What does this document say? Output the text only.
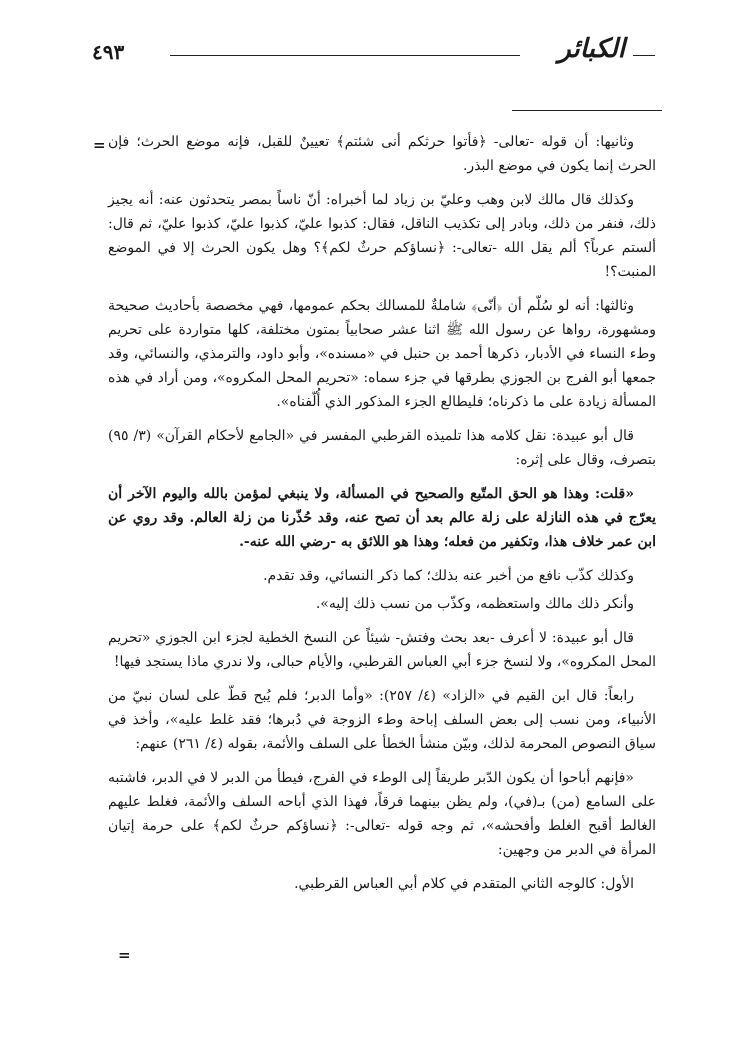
٤٩٣	الكبائر
= وثانيها: أن قوله -تعالى- ﴿فأتوا حرثكم أنى شئتم﴾ تعيينٌ للقبل، فإنه موضع الحرث؛ فإن الحرث إنما يكون في موضع البذر.

وكذلك قال مالك لابن وهب وعليّ بن زياد لما أخبراه: أنّ ناساً بمصر يتحدثون عنه: أنه يجيز ذلك، فنفر من ذلك، وبادر إلى تكذيب الناقل، فقال: كذبوا عليّ، كذبوا عليّ، كذبوا عليّ، ثم قال: ألستم عرباً؟ ألم يقل الله -تعالى-: ﴿نساؤكم حرثٌ لكم﴾؟ وهل يكون الحرث إلا في الموضع المنبت؟!

وثالثها: أنه لو سُلّم أن ﴿أنّى﴾ شاملةٌ للمسالك بحكم عمومها، فهي مخصصة بأحاديث صحيحة ومشهورة، رواها عن رسول الله ﷺ اثنا عشر صحابياً بمتون مختلفة، كلها متواردة على تحريم وطء النساء في الأدبار، ذكرها أحمد بن حنبل في «مسنده»، وأبو داود، والترمذي، والنسائي، وقد جمعها أبو الفرج بن الجوزي بطرقها في جزء سماه: «تحريم المحل المكروه»، ومن أراد في هذه المسألة زيادة على ما ذكرناه؛ فليطالع الجزء المذكور الذي أُلّفناه».

قال أبو عبيدة: نقل كلامه هذا تلميذه القرطبي المفسر في «الجامع لأحكام القرآن» (٣/ ٩٥) بتصرف، وقال على إثره:

«قلت: وهذا هو الحق المتّبع والصحيح في المسألة، ولا ينبغي لمؤمن بالله واليوم الآخر أن يعرّج في هذه النازلة على زلة عالم بعد أن تصح عنه، وقد حُذّرنا من زلة العالم. وقد روي عن ابن عمر خلاف هذا، وتكفير من فعله؛ وهذا هو اللائق به -رضي الله عنه-.

وكذلك كذّب نافع من أخبر عنه بذلك؛ كما ذكر النسائي، وقد تقدم.

وأنكر ذلك مالك واستعظمه، وكذّب من نسب ذلك إليه».

قال أبو عبيدة: لا أعرف -بعد بحث وفتش- شيئاً عن النسخ الخطية لجزء ابن الجوزي «تحريم المحل المكروه»، ولا لنسخ جزء أبي العباس القرطبي، والأيام حبالى، ولا ندري ماذا يستجد فيها!

رابعاً: قال ابن القيم في «الزاد» (٤/ ٢٥٧): «وأما الدبر؛ فلم يُبح قطّ على لسان نبيّ من الأنبياء، ومن نسب إلى بعض السلف إباحة وطء الزوجة في دُبرها؛ فقد غلط عليه»، وأخذ في سياق النصوص المحرمة لذلك، وبيّن منشأ الخطأ على السلف والأئمة، بقوله (٤/ ٢٦١) عنهم:

«فإنهم أباحوا أن يكون الدّبر طريقاً إلى الوطء في الفرج، فيطأ من الدبر لا في الدبر، فاشتبه على السامع (من) بـ(في)، ولم يظن بينهما فرقاً، فهذا الذي أباحه السلف والأئمة، فغلط عليهم الغالط أقبح الغلط وأفحشه»، ثم وجه قوله -تعالى-: ﴿نساؤكم حرثٌ لكم﴾ على حرمة إتيان المرأة في الدبر من وجهين:

الأول: كالوجه الثاني المتقدم في كلام أبي العباس القرطبي.

=
